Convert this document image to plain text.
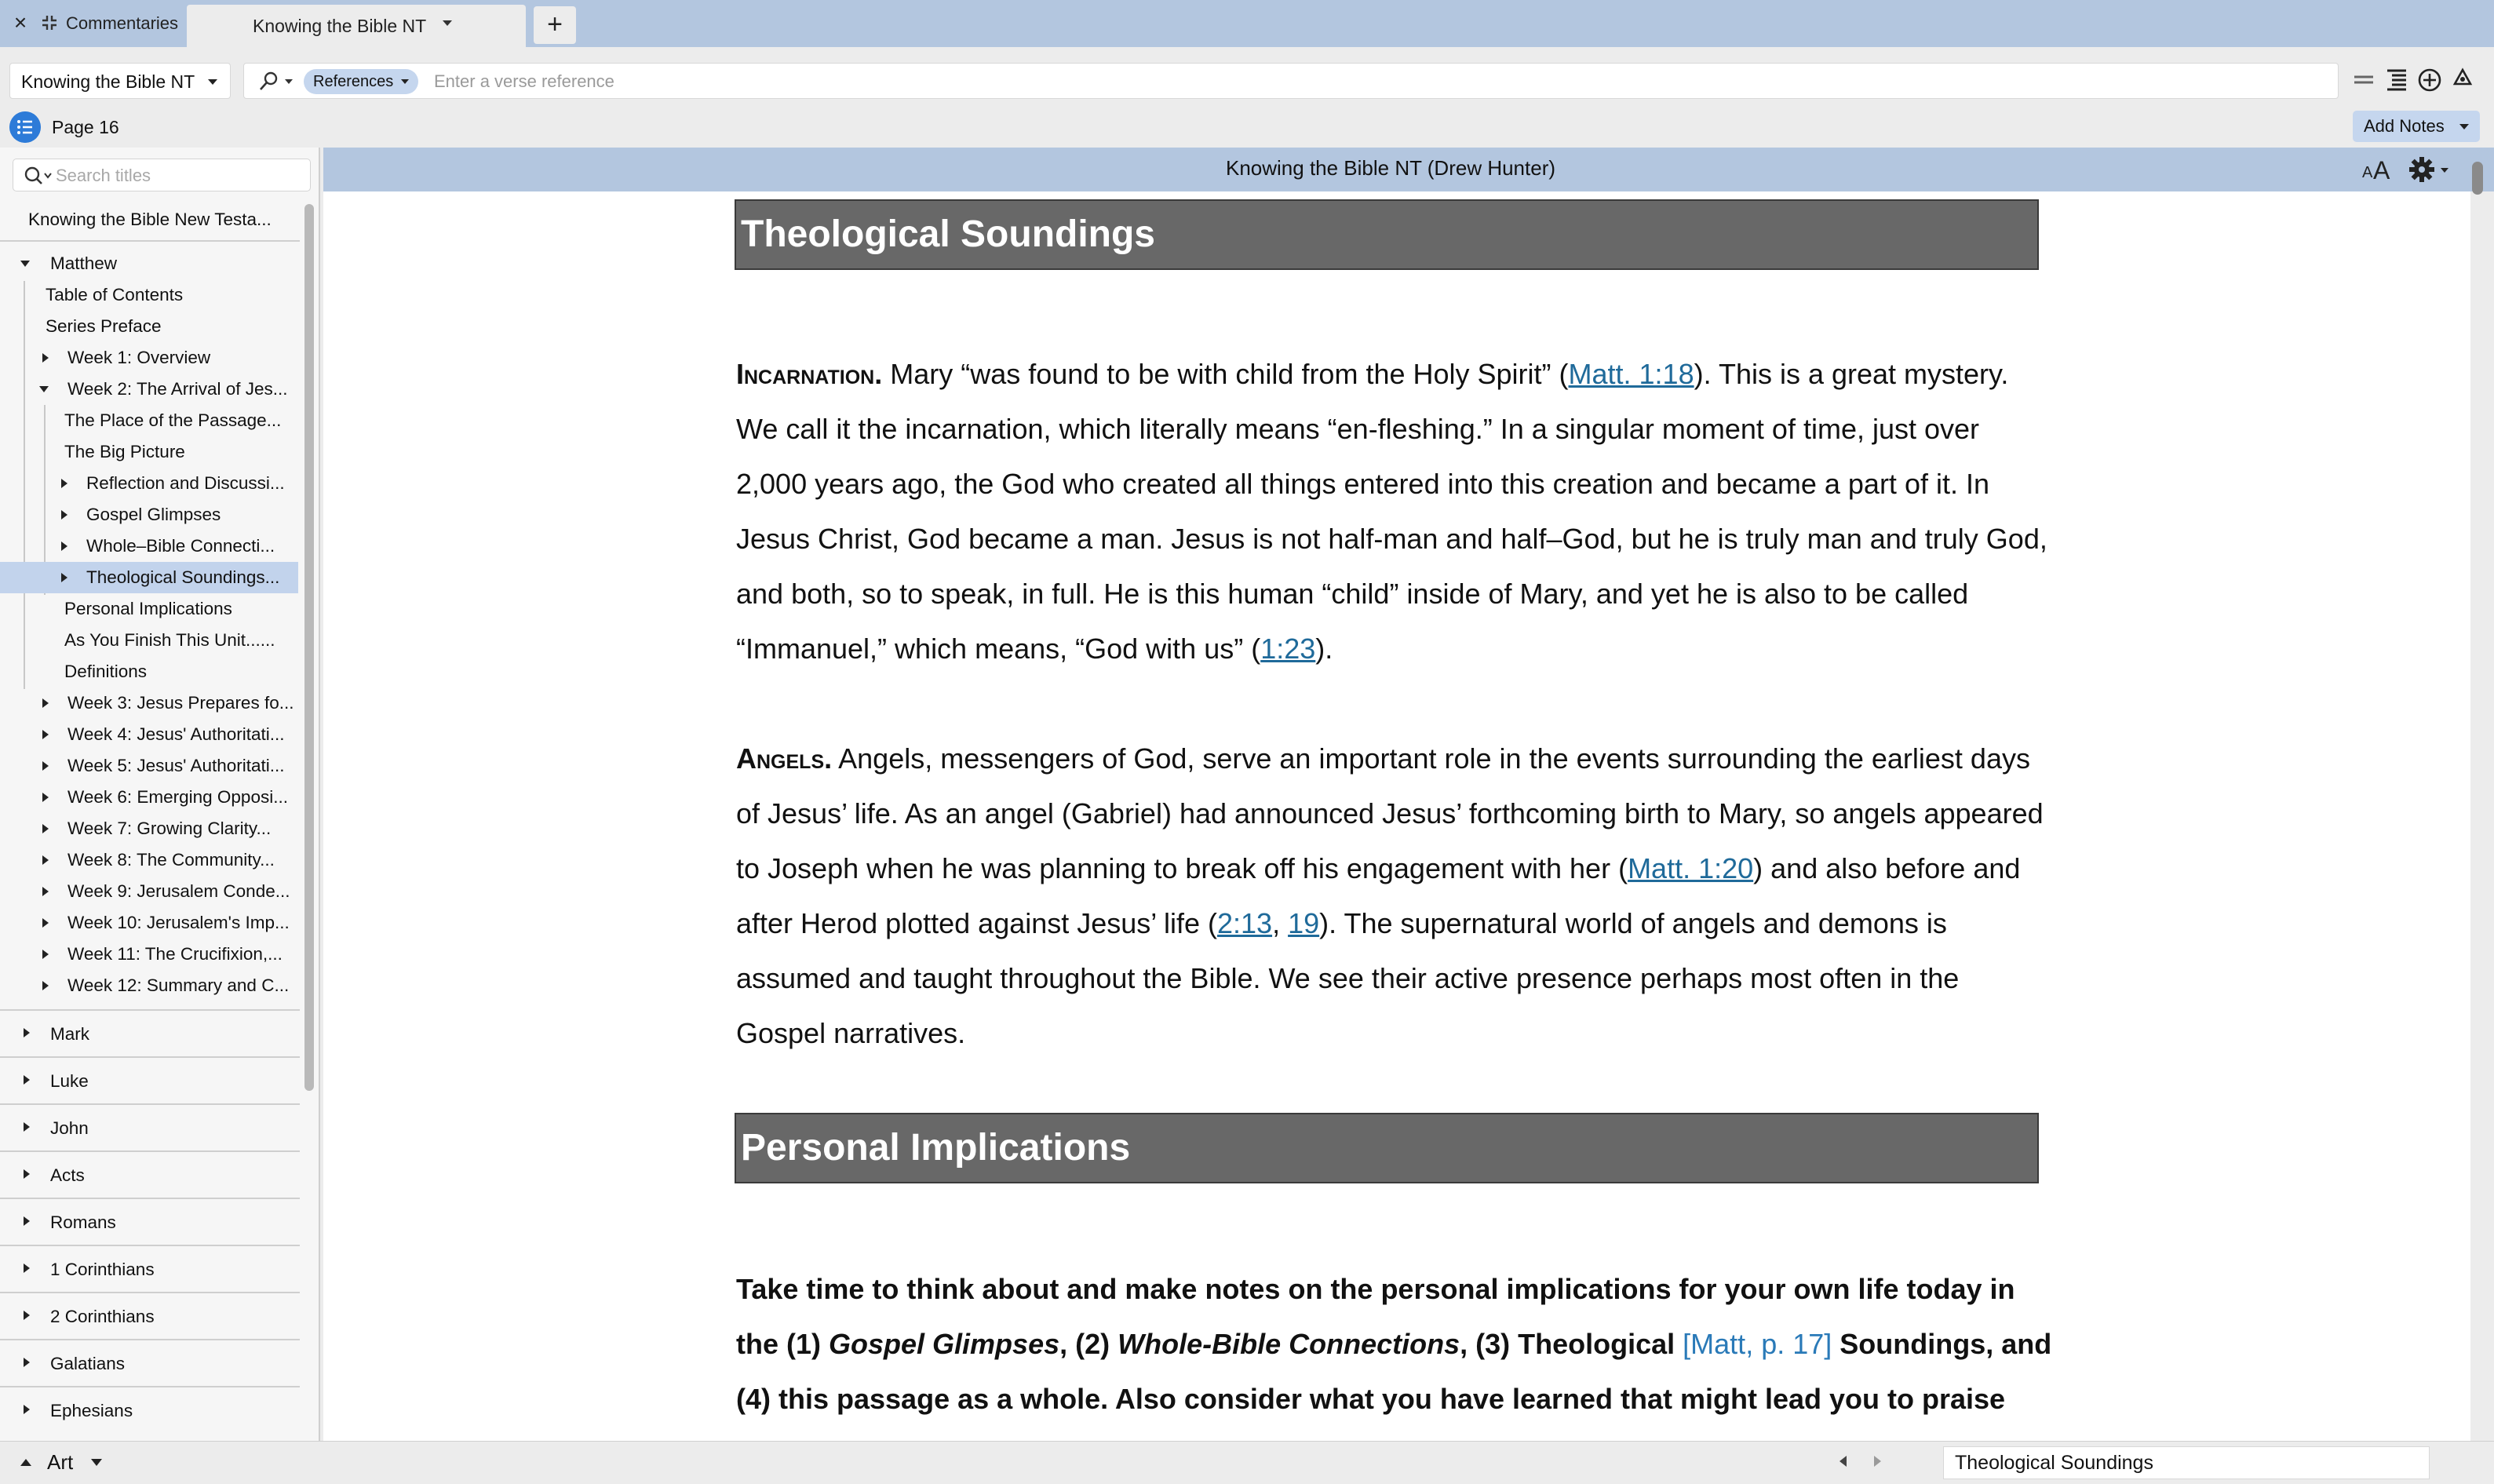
× Commentaries	Knowing the Bible NT	+
Knowing the Bible NT	References
Enter a verse reference
Page 16	Add Notes
Search titles
Knowing the Bible New Testa...
Matthew
Table of Contents
Series Preface
Week 1: Overview
Week 2: The Arrival of Jes...
The Place of the Passage...
The Big Picture
Reflection and Discussi...
Gospel Glimpses
Whole–Bible Connecti...
Theological Soundings...
Personal Implications
As You Finish This Unit......
Definitions
Week 3: Jesus Prepares fo...
Week 4: Jesus' Authoritati...
Week 5: Jesus' Authoritati...
Week 6: Emerging Opposi...
Week 7: Growing Clarity...
Week 8: The Community...
Week 9: Jerusalem Conde...
Week 10: Jerusalem's Imp...
Week 11: The Crucifixion,...
Week 12: Summary and C...
Mark
Luke
John
Acts
Romans
1 Corinthians
2 Corinthians
Galatians
Ephesians
Knowing the Bible NT (Drew Hunter)	A A
Theological Soundings
Incarnation. Mary “was found to be with child from the Holy Spirit” (Matt. 1:18). This is a great mystery. We call it the incarnation, which literally means “en-fleshing.” In a singular moment of time, just over 2,000 years ago, the God who created all things entered into this creation and became a part of it. In Jesus Christ, God became a man. Jesus is not half-man and half–God, but he is truly man and truly God, and both, so to speak, in full. He is this human “child” inside of Mary, and yet he is also to be called “Immanuel,” which means, “God with us” (1:23).
Angels. Angels, messengers of God, serve an important role in the events surrounding the earliest days of Jesus’ life. As an angel (Gabriel) had announced Jesus’ forthcoming birth to Mary, so angels appeared to Joseph when he was planning to break off his engagement with her (Matt. 1:20) and also before and after Herod plotted against Jesus’ life (2:13, 19). The supernatural world of angels and demons is assumed and taught throughout the Bible. We see their active presence perhaps most often in the Gospel narratives.
Personal Implications
Take time to think about and make notes on the personal implications for your own life today in the (1) Gospel Glimpses, (2) Whole-Bible Connections, (3) Theological [Matt, p. 17] Soundings, and (4) this passage as a whole. Also consider what you have learned that might lead you to praise
Art	Theological Soundings
